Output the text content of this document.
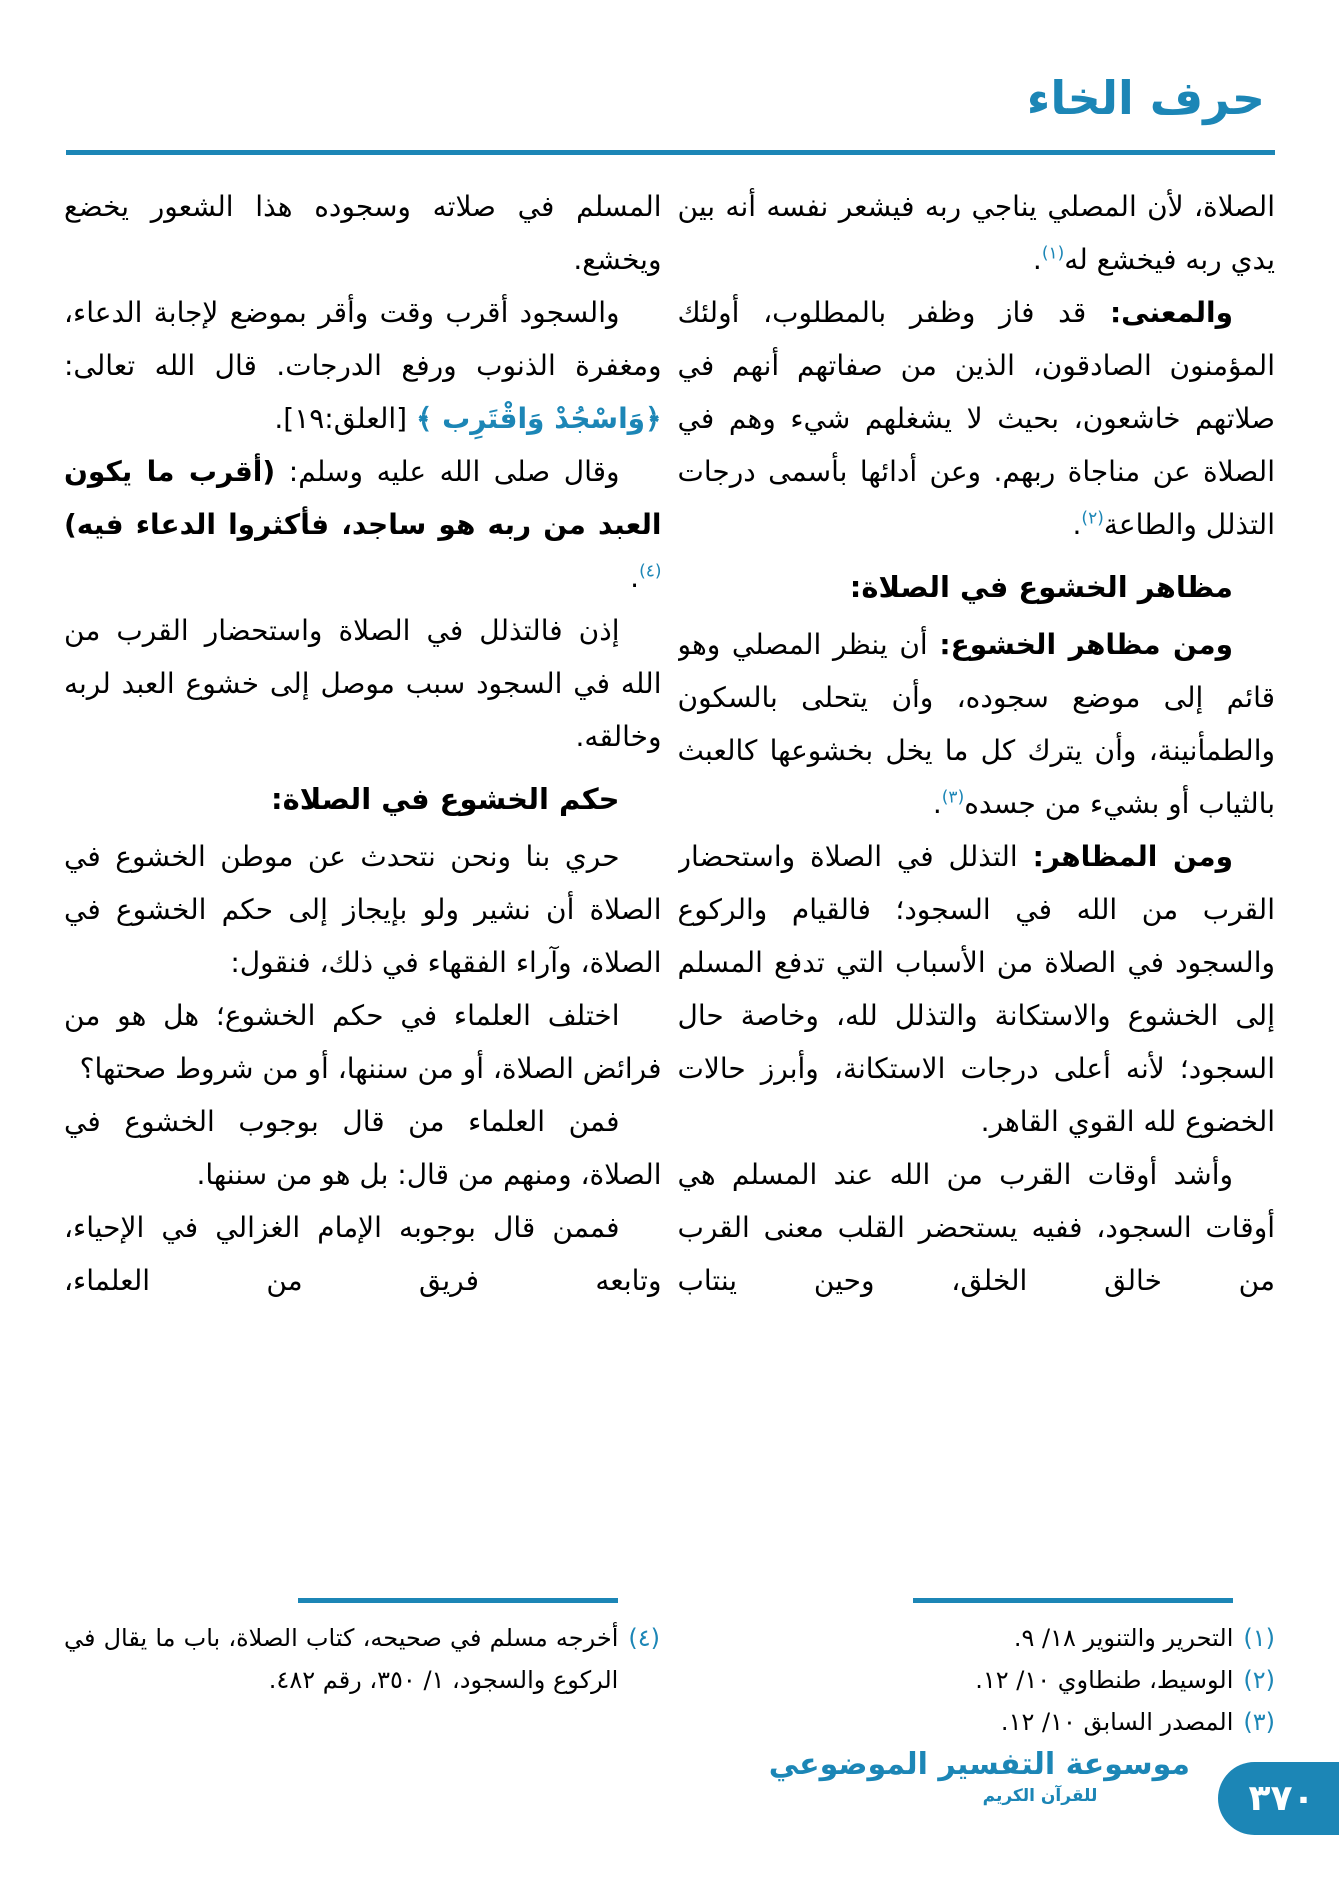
حرف الخاء

الصلاة، لأن المصلي يناجي ربه فيشعر نفسه أنه بين يدي ربه فيخشع له$^{(١)}$.

والمعنى: قد فاز وظفر بالمطلوب، أولئك المؤمنون الصادقون، الذين من صفاتهم أنهم في صلاتهم خاشعون، بحيث لا يشغلهم شيء وهم في الصلاة عن مناجاة ربهم. وعن أدائها بأسمى درجات التذلل والطاعة$^{(٢)}$.

مظاهر الخشوع في الصلاة:

ومن مظاهر الخشوع: أن ينظر المصلي وهو قائم إلى موضع سجوده، وأن يتحلى بالسكون والطمأنينة، وأن يترك كل ما يخل بخشوعها كالعبث بالثياب أو بشيء من جسده$^{(٣)}$.

ومن المظاهر: التذلل في الصلاة واستحضار القرب من الله في السجود؛ فالقيام والركوع والسجود في الصلاة من الأسباب التي تدفع المسلم إلى الخشوع والاستكانة والتذلل لله، وخاصة حال السجود؛ لأنه أعلى درجات الاستكانة، وأبرز حالات الخضوع لله القوي القاهر.

وأشد أوقات القرب من الله عند المسلم هي أوقات السجود، ففيه يستحضر القلب معنى القرب من خالق الخلق، وحين ينتاب

المسلم في صلاته وسجوده هذا الشعور يخضع ويخشع.

والسجود أقرب وقت وأقر بموضع لإجابة الدعاء، ومغفرة الذنوب ورفع الدرجات. قال الله تعالى: ﴿وَاسْجُدْ وَاقْتَرِب ﴾ [العلق:١٩].

وقال صلى الله عليه وسلم: (أقرب ما يكون العبد من ربه هو ساجد، فأكثروا الدعاء فيه)$^{(٤)}$.

إذن فالتذلل في الصلاة واستحضار القرب من الله في السجود سبب موصل إلى خشوع العبد لربه وخالقه.

حكم الخشوع في الصلاة:

حري بنا ونحن نتحدث عن موطن الخشوع في الصلاة أن نشير ولو بإيجاز إلى حكم الخشوع في الصلاة، وآراء الفقهاء في ذلك، فنقول:

اختلف العلماء في حكم الخشوع؛ هل هو من فرائض الصلاة، أو من سننها، أو من شروط صحتها؟

فمن العلماء من قال بوجوب الخشوع في الصلاة، ومنهم من قال: بل هو من سننها.

فممن قال بوجوبه الإمام الغزالي في الإحياء، وتابعه فريق من العلماء،

(١)
التحرير والتنوير ١٨/ ٩.
(٢)
الوسيط، طنطاوي ١٠/ ١٢.
(٣)
المصدر السابق ١٠/ ١٢.
(٤)
أخرجه مسلم في صحيحه، كتاب الصلاة، باب ما يقال في الركوع والسجود، ١/ ٣٥٠، رقم ٤٨٢.
موسوعة التفسير الموضوعي
للقرآن الكريم	٣٧٠
